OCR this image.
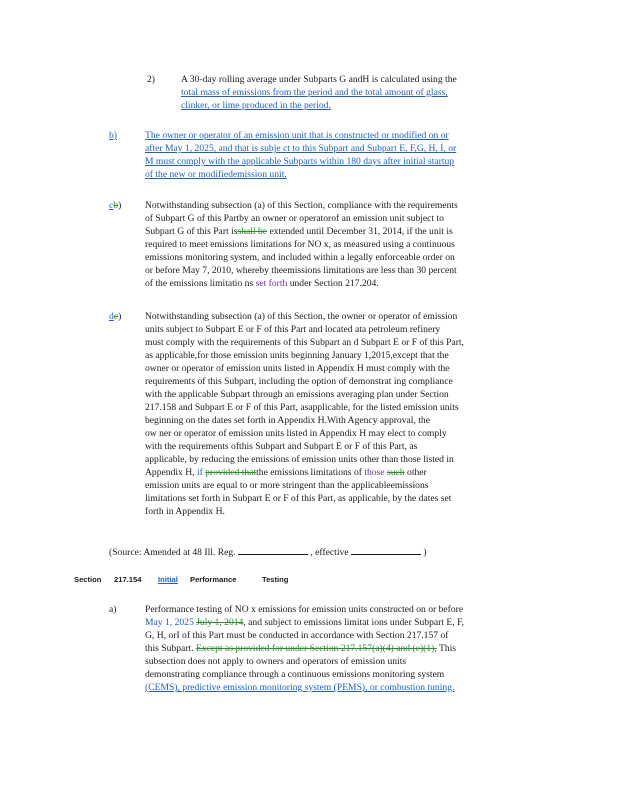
2)	A 30-day rolling average under Subparts G andH is calculated using the
total mass of emissions from the period and the total amount of glass,
clinker, or lime produced in the period.
b)	The owner or operator of an emission unit that is constructed or modified on or
after May 1, 2025, and that is subje ct to this Subpart and Subpart E, F,G, H, I, or
M must comply with the applicable Subparts within 180 days after initial startup
of the new or modifiedemission unit.
cb) Notwithstanding subsection (a) of this Section, compliance with the requirements
of Subpart G of this Partby an owner or operatorof an emission unit subject to
Subpart G of this Part isshall be extended until December 31, 2014, if the unit is
required to meet emissions limitations for NO x, as measured using a continuous
emissions monitoring system, and included within a legally enforceable order on
or before May 7, 2010, whereby theemissions limitations are less than 30 percent
of the emissions limitatio ns set forth under Section 217.204.
dc) Notwithstanding subsection (a) of this Section, the owner or operator of emission
units subject to Subpart E or F of this Part and located ata petroleum refinery
must comply with the requirements of this Subpart an d Subpart E or F of this Part,
as applicable,for those emission units beginning January 1,2015,except that the
owner or operator of emission units listed in Appendix H must comply with the
requirements of this Subpart, including the option of demonstrat ing compliance
with the applicable Subpart through an emissions averaging plan under Section
217.158 and Subpart E or F of this Part, asapplicable, for the listed emission units
beginning on the dates set forth in Appendix H.With Agency approval, the
ow ner or operator of emission units listed in Appendix H may elect to comply
with the requirements ofthis Subpart and Subpart E or F of this Part, as
applicable, by reducing the emissions of emission units other than those listed in
Appendix H, if provided thatthe emissions limitations of those such other
emission units are equal to or more stringent than the applicableemissions
limitations set forth in Subpart E or F of this Part, as applicable, by the dates set
forth in Appendix H.
(Source: Amended at 48 Ill. Reg.	, effective	)
Section 217.154 Initial Performance	Testing
a)	Performance testing of NO x emissions for emission units constructed on or before
May 1, 2025 July 1, 2014, and subject to emissions limitat ions under Subpart E, F,
G, H, orI of this Part must be conducted in accordance with Section 217.157 of
this Subpart. Except as provided for under Section 217.157(a)(4) and (e)(1), This
subsection does not apply to owners and operators of emission units
demonstrating compliance through a continuous emissions monitoring system
(CEMS), predictive emission monitoring system (PEMS), or combustion tuning.
